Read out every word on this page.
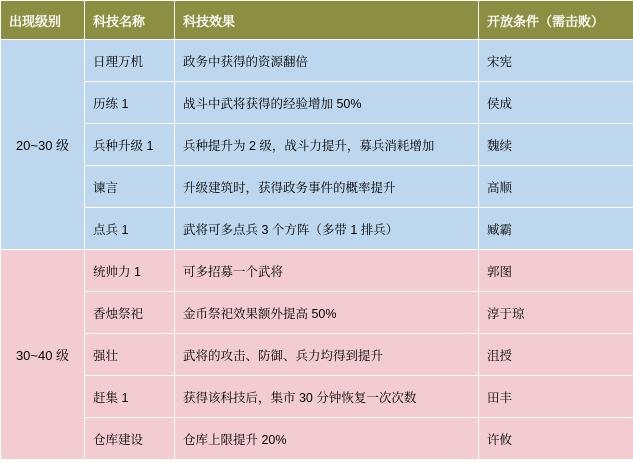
出现级别	科技名称	科技效果	开放条件（需击败）
20~30 级	日理万机	政务中获得的资源翻倍	宋宪
	历练 1	战斗中武将获得的经验增加 50%	侯成
	兵种升级 1	兵种提升为 2 级，战斗力提升，募兵消耗增加	魏续
	谏言	升级建筑时，获得政务事件的概率提升	高顺
	点兵 1	武将可多点兵 3 个方阵（多带 1 排兵）	臧霸
30~40 级	统帅力 1	可多招募一个武将	郭图
	香烛祭祀	金币祭祀效果额外提高 50%	淳于琼
	强壮	武将的攻击、防御、兵力均得到提升	沮授
	赶集 1	获得该科技后，集市 30 分钟恢复一次次数	田丰
	仓库建设	仓库上限提升 20%	许攸
